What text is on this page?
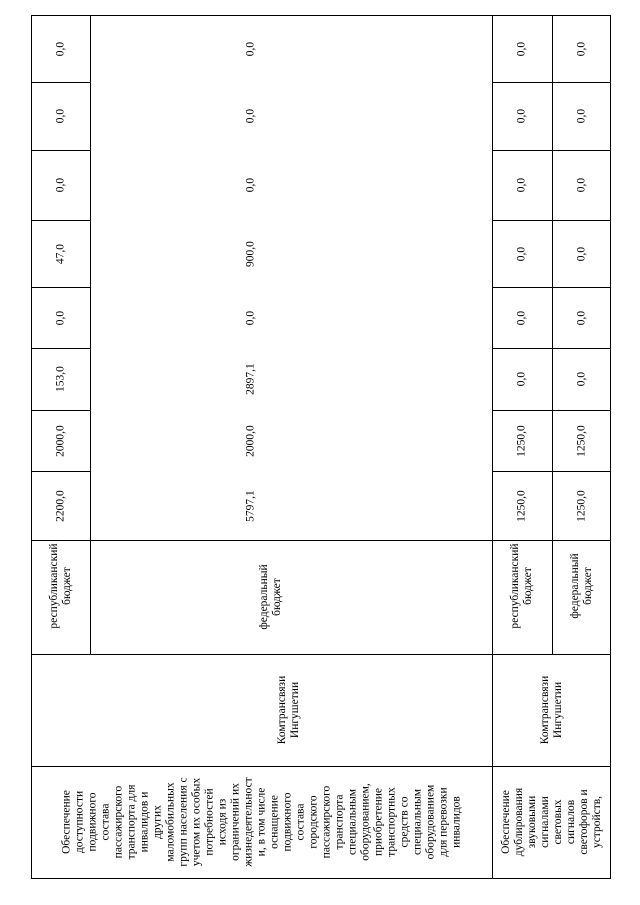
Обеспечение доступности подвижного состава пассажирского транспорта для инвалидов и других маломобильных групп населения с учетом их особых потребностей исходя из ограничений их жизнедеятельност и, в том числе оснащение подвижного состава городского пассажирского транспорта специальным оборудованием, приобретение транспортных средств со специальным оборудованием для перевозки инвалидов
Комтрансвязи Ингушетии
республиканский бюджет	федеральный бюджет
Обеспечение дублирования звуковыми сигналами световых сигналов светофоров и устройств,
Комтрансвязи Ингушетии
республиканский бюджет	федеральный бюджет
2200,0
2000,0
153,0
0,0
47,0
0,0
0,0
0,0
5797,1
2000,0
2897,1
0,0
900,0
0,0
0,0
0,0
1250,0
1250,0
0,0
0,0
0,0
0,0
0,0
0,0
1250,0
1250,0
0,0
0,0
0,0
0,0
0,0
0,0
